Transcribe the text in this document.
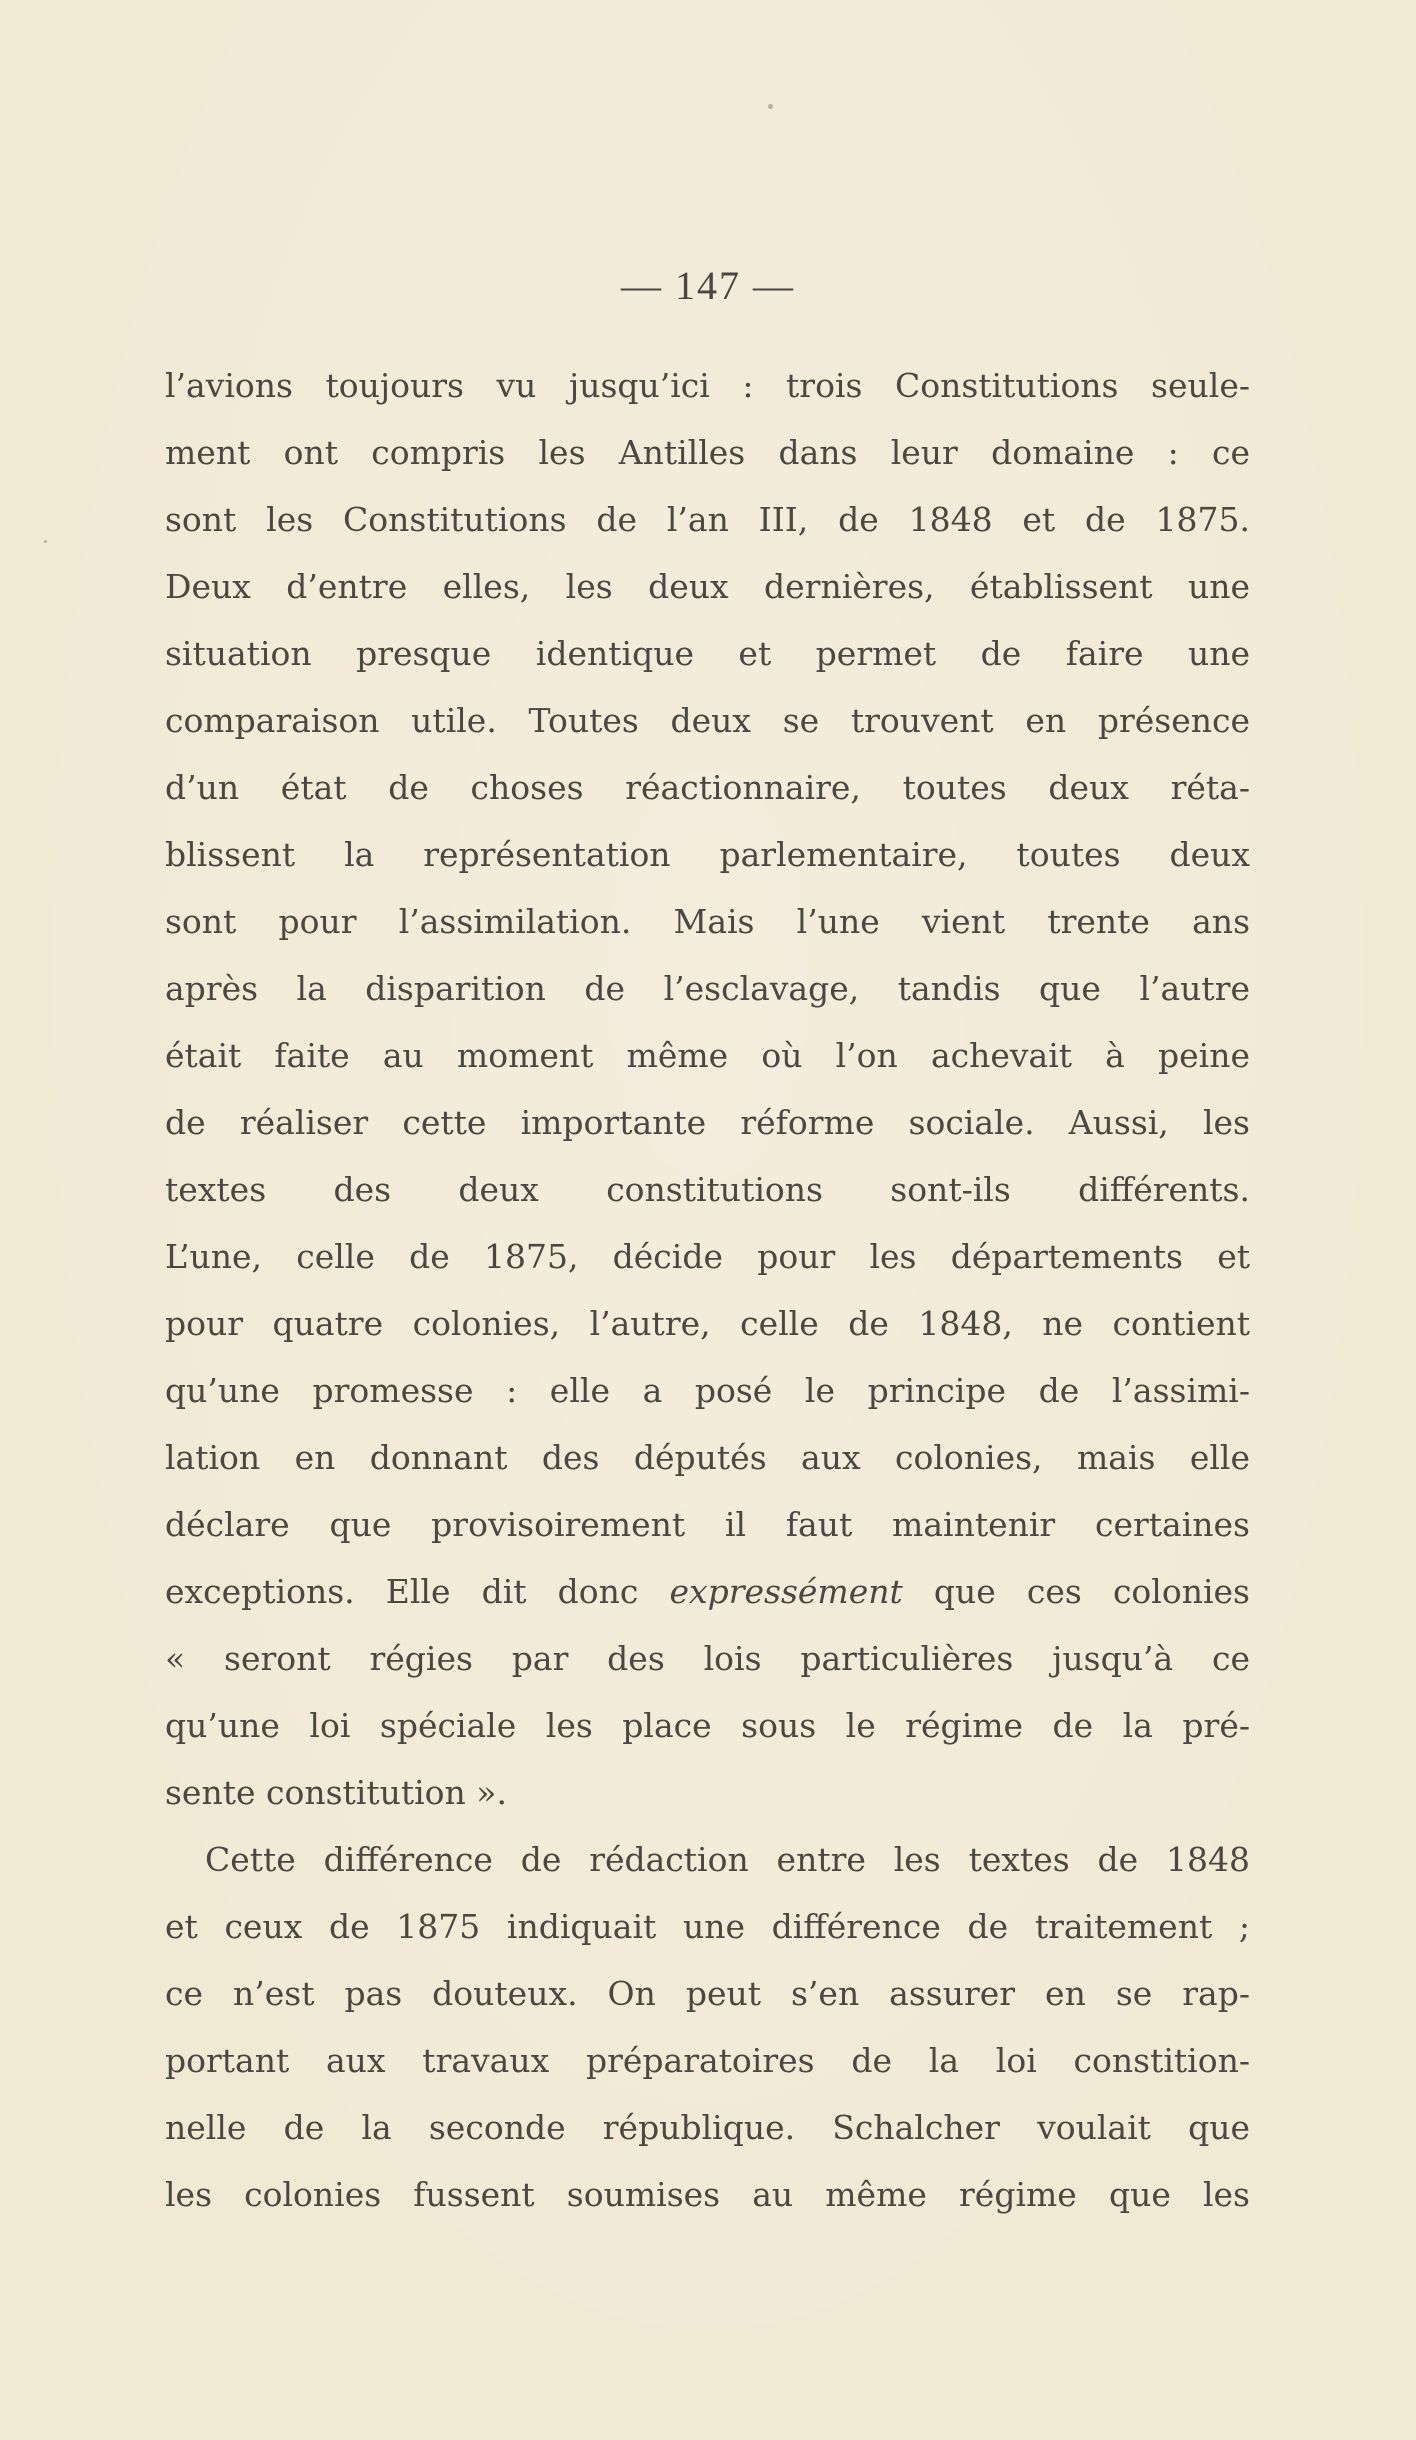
— 147 —
l’avions toujours vu jusqu’ici : trois Constitutions seule-
ment ont compris les Antilles dans leur domaine : ce
sont les Constitutions de l’an III, de 1848 et de 1875.
Deux d’entre elles, les deux dernières, établissent une
situation presque identique et permet de faire une
comparaison utile. Toutes deux se trouvent en présence
d’un état de choses réactionnaire, toutes deux réta-
blissent la représentation parlementaire, toutes deux
sont pour l’assimilation. Mais l’une vient trente ans
après la disparition de l’esclavage, tandis que l’autre
était faite au moment même où l’on achevait à peine
de réaliser cette importante réforme sociale. Aussi, les
textes des deux constitutions sont-ils différents.
L’une, celle de 1875, décide pour les départements et
pour quatre colonies, l’autre, celle de 1848, ne contient
qu’une promesse : elle a posé le principe de l’assimi-
lation en donnant des députés aux colonies, mais elle
déclare que provisoirement il faut maintenir certaines
exceptions. Elle dit donc expressément que ces colonies
« seront régies par des lois particulières jusqu’à ce
qu’une loi spéciale les place sous le régime de la pré-
sente constitution ».
Cette différence de rédaction entre les textes de 1848
et ceux de 1875 indiquait une différence de traitement ;
ce n’est pas douteux. On peut s’en assurer en se rap-
portant aux travaux préparatoires de la loi constition-
nelle de la seconde république. Schalcher voulait que
les colonies fussent soumises au même régime que les
